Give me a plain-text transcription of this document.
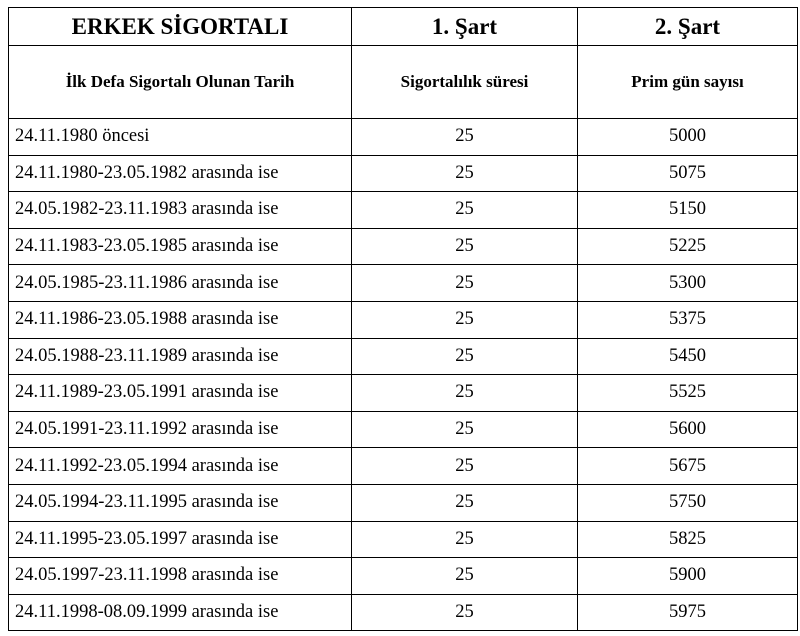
ERKEK SİGORTALI	1. Şart	2. Şart
İlk Defa Sigortalı Olunan Tarih	Sigortalılık süresi	Prim gün sayısı
24.11.1980 öncesi	25	5000
24.11.1980-23.05.1982 arasında ise	25	5075
24.05.1982-23.11.1983 arasında ise	25	5150
24.11.1983-23.05.1985 arasında ise	25	5225
24.05.1985-23.11.1986 arasında ise	25	5300
24.11.1986-23.05.1988 arasında ise	25	5375
24.05.1988-23.11.1989 arasında ise	25	5450
24.11.1989-23.05.1991 arasında ise	25	5525
24.05.1991-23.11.1992 arasında ise	25	5600
24.11.1992-23.05.1994 arasında ise	25	5675
24.05.1994-23.11.1995 arasında ise	25	5750
24.11.1995-23.05.1997 arasında ise	25	5825
24.05.1997-23.11.1998 arasında ise	25	5900
24.11.1998-08.09.1999 arasında ise	25	5975
